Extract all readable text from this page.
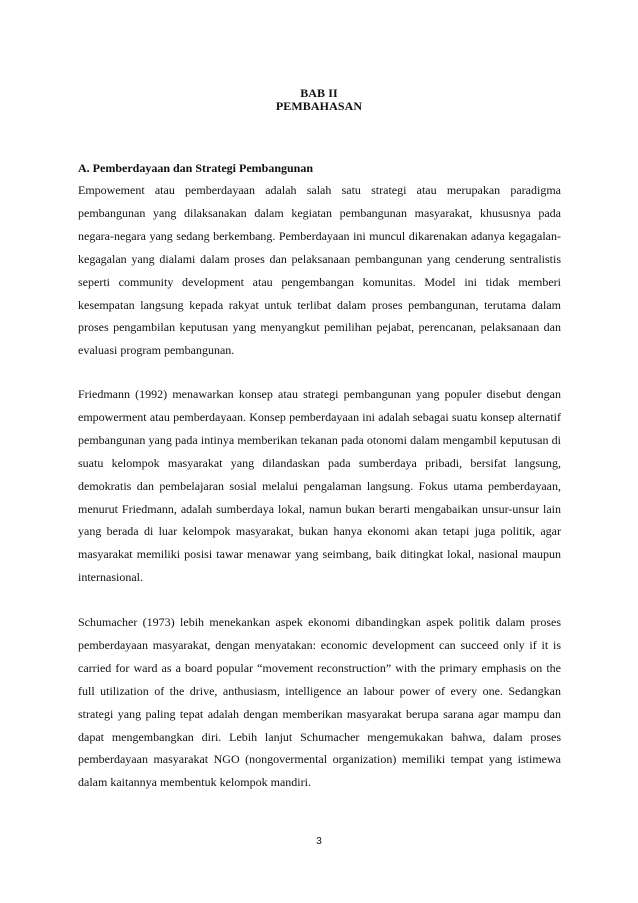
BAB II
PEMBAHASAN
A. Pemberdayaan dan Strategi Pembangunan

Empowement atau pemberdayaan adalah salah satu strategi atau merupakan paradigma pembangunan yang dilaksanakan dalam kegiatan pembangunan masyarakat, khususnya pada negara-negara yang sedang berkembang. Pemberdayaan ini muncul dikarenakan adanya kegagalan-kegagalan yang dialami dalam proses dan pelaksanaan pembangunan yang cenderung sentralistis seperti community development atau pengembangan komunitas. Model ini tidak memberi kesempatan langsung kepada rakyat untuk terlibat dalam proses pembangunan, terutama dalam proses pengambilan keputusan yang menyangkut pemilihan pejabat, perencanan, pelaksanaan dan evaluasi program pembangunan.

Friedmann (1992) menawarkan konsep atau strategi pembangunan yang populer disebut dengan empowerment atau pemberdayaan. Konsep pemberdayaan ini adalah sebagai suatu konsep alternatif pembangunan yang pada intinya memberikan tekanan pada otonomi dalam mengambil keputusan di suatu kelompok masyarakat yang dilandaskan pada sumberdaya pribadi, bersifat langsung, demokratis dan pembelajaran sosial melalui pengalaman langsung. Fokus utama pemberdayaan, menurut Friedmann, adalah sumberdaya lokal, namun bukan berarti mengabaikan unsur-unsur lain yang berada di luar kelompok masyarakat, bukan hanya ekonomi akan tetapi juga politik, agar masyarakat memiliki posisi tawar menawar yang seimbang, baik ditingkat lokal, nasional maupun internasional.

Schumacher (1973) lebih menekankan aspek ekonomi dibandingkan aspek politik dalam proses pemberdayaan masyarakat, dengan menyatakan: economic development can succeed only if it is carried for ward as a board popular “movement reconstruction” with the primary emphasis on the full utilization of the drive, anthusiasm, intelligence an labour power of every one. Sedangkan strategi yang paling tepat adalah dengan memberikan masyarakat berupa sarana agar mampu dan dapat mengembangkan diri. Lebih lanjut Schumacher mengemukakan bahwa, dalam proses pemberdayaan masyarakat NGO (nongovermental organization) memiliki tempat yang istimewa dalam kaitannya membentuk kelompok mandiri.

3
